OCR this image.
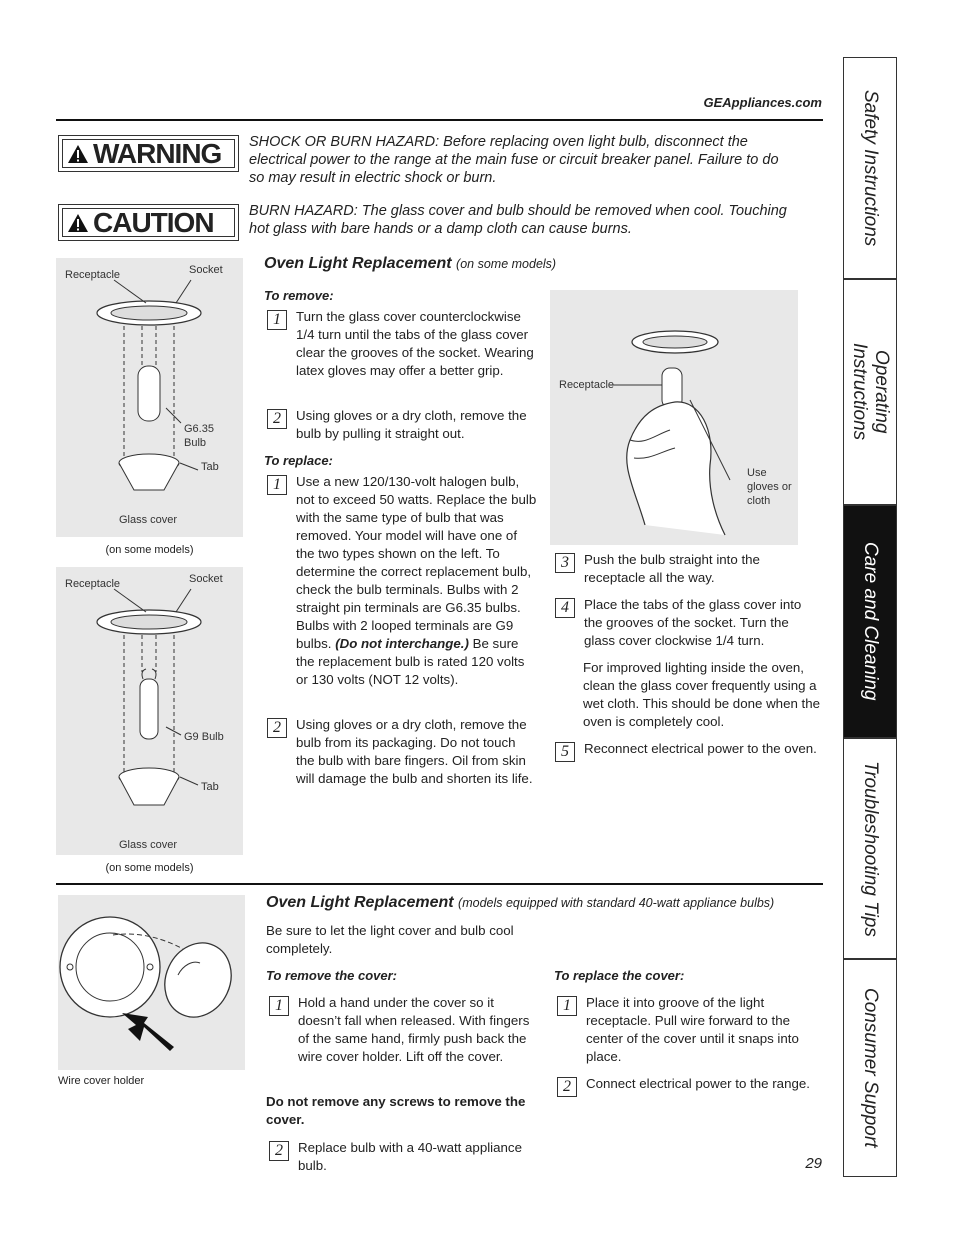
GEAppliances.com
WARNING SHOCK OR BURN HAZARD: Before replacing oven light bulb, disconnect the electrical power to the range at the main fuse or circuit breaker panel. Failure to do so may result in electric shock or burn.
CAUTION BURN HAZARD: The glass cover and bulb should be removed when cool. Touching hot glass with bare hands or a damp cloth can cause burns.
Receptacle	Socket
G6.35 Bulb
Tab
Glass cover
(on some models)
Receptacle	Socket
G9 Bulb
Tab
Glass cover
(on some models)
Oven Light Replacement (on some models)
To remove:
1	Turn the glass cover counterclockwise 1/4 turn until the tabs of the glass cover clear the grooves of the socket. Wearing latex gloves may offer a better grip.
2	Using gloves or a dry cloth, remove the bulb by pulling it straight out.
To replace:
1	Use a new 120/130-volt halogen bulb, not to exceed 50 watts. Replace the bulb with the same type of bulb that was removed. Your model will have one of the two types shown on the left. To determine the correct replacement bulb, check the bulb terminals. Bulbs with 2 straight pin terminals are G6.35 bulbs. Bulbs with 2 looped terminals are G9 bulbs. (Do not interchange.) Be sure the replacement bulb is rated 120 volts or 130 volts (NOT 12 volts).
2	Using gloves or a dry cloth, remove the bulb from its packaging. Do not touch the bulb with bare fingers. Oil from skin will damage the bulb and shorten its life.
Receptacle
Use gloves or cloth
3	Push the bulb straight into the receptacle all the way.
4	Place the tabs of the glass cover into the grooves of the socket. Turn the glass cover clockwise 1/4 turn.
For improved lighting inside the oven, clean the glass cover frequently using a wet cloth. This should be done when the oven is completely cool.
5	Reconnect electrical power to the oven.
Wire cover holder
Oven Light Replacement (models equipped with standard 40-watt appliance bulbs)
Be sure to let the light cover and bulb cool completely.
To remove the cover:
1	Hold a hand under the cover so it doesn’t fall when released. With fingers of the same hand, firmly push back the wire cover holder. Lift off the cover.
Do not remove any screws to remove the cover.
2	Replace bulb with a 40-watt appliance bulb.
To replace the cover:
1	Place it into groove of the light receptacle. Pull wire forward to the center of the cover until it snaps into place.
2	Connect electrical power to the range.
29
Safety Instructions
Operating Instructions
Care and Cleaning
Troubleshooting Tips
Consumer Support
